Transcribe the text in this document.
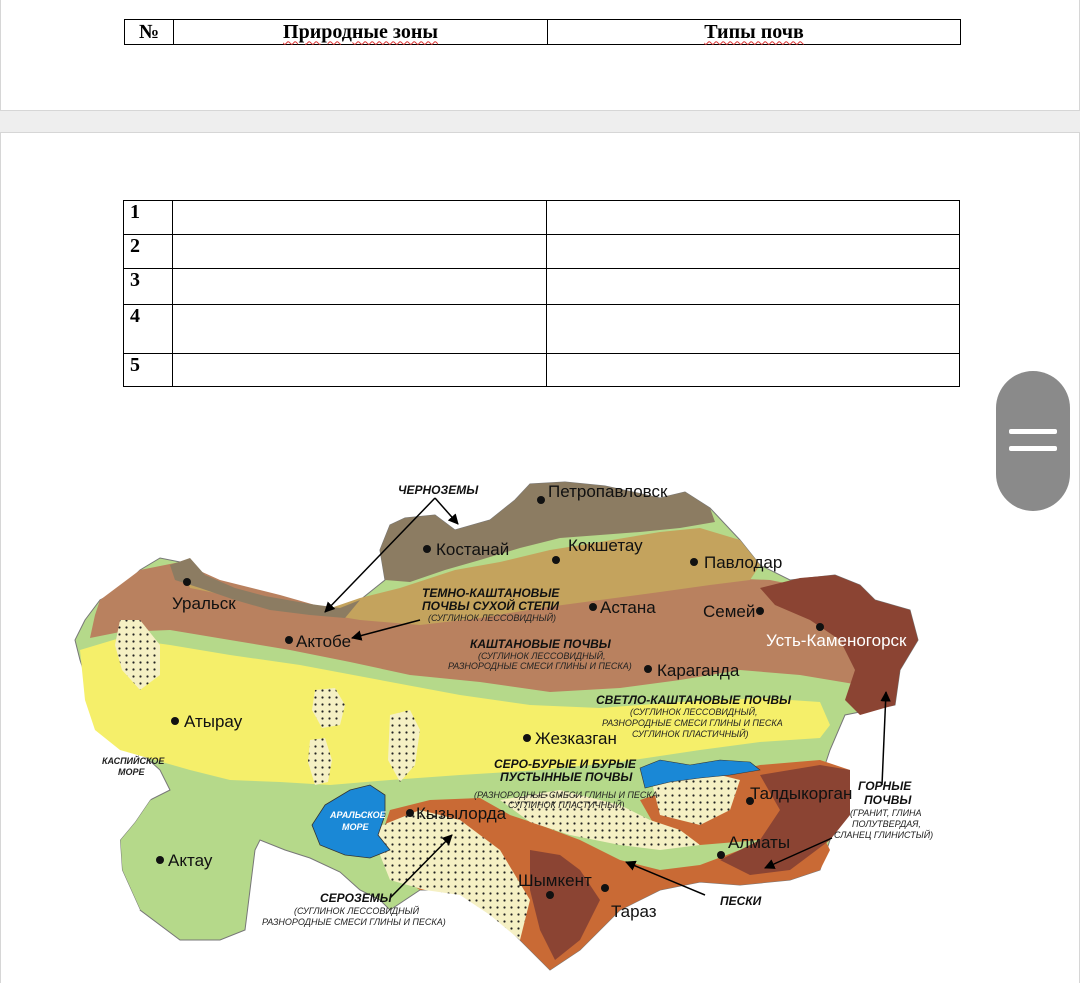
№	Природные зоны	Типы почв
1		
2		
3		
4		
5		
Петропавловск
Костанай	Кокшетау
Павлодар
Уральск	Астана	Семей
Актобе	Усть-Каменогорск
Караганда
Атырау
Жезказган
Талдыкорган
Кызылорда
Алматы
Актау
Шымкент
Тараз
ЧЕРНОЗЕМЫ
ТЕМНО-КАШТАНОВЫЕ
ПОЧВЫ СУХОЙ СТЕПИ
(СУГЛИНОК ЛЕССОВИДНЫЙ)
КАШТАНОВЫЕ ПОЧВЫ
(СУГЛИНОК ЛЕССОВИДНЫЙ,
РАЗНОРОДНЫЕ СМЕСИ ГЛИНЫ И ПЕСКА)
СВЕТЛО-КАШТАНОВЫЕ ПОЧВЫ
(СУГЛИНОК ЛЕССОВИДНЫЙ,
РАЗНОРОДНЫЕ СМЕСИ ГЛИНЫ И ПЕСКА
СУГЛИНОК ПЛАСТИЧНЫЙ)
КАСПИЙСКОЕ
МОРЕ
СЕРО-БУРЫЕ И БУРЫЕ
ПУСТЫННЫЕ ПОЧВЫ
(РАЗНОРОДНЫЕ СМЕСИ ГЛИНЫ И ПЕСКА
СУГЛИНОК ПЛАСТИЧНЫЙ)
АРАЛЬСКОЕ
МОРЕ
ГОРНЫЕ
ПОЧВЫ
(ГРАНИТ, ГЛИНА
ПОЛУТВЕРДАЯ,
СЛАНЕЦ ГЛИНИСТЫЙ)
СЕРОЗЕМЫ
(СУГЛИНОК ЛЕССОВИДНЫЙ
РАЗНОРОДНЫЕ СМЕСИ ГЛИНЫ И ПЕСКА)
ПЕСКИ
